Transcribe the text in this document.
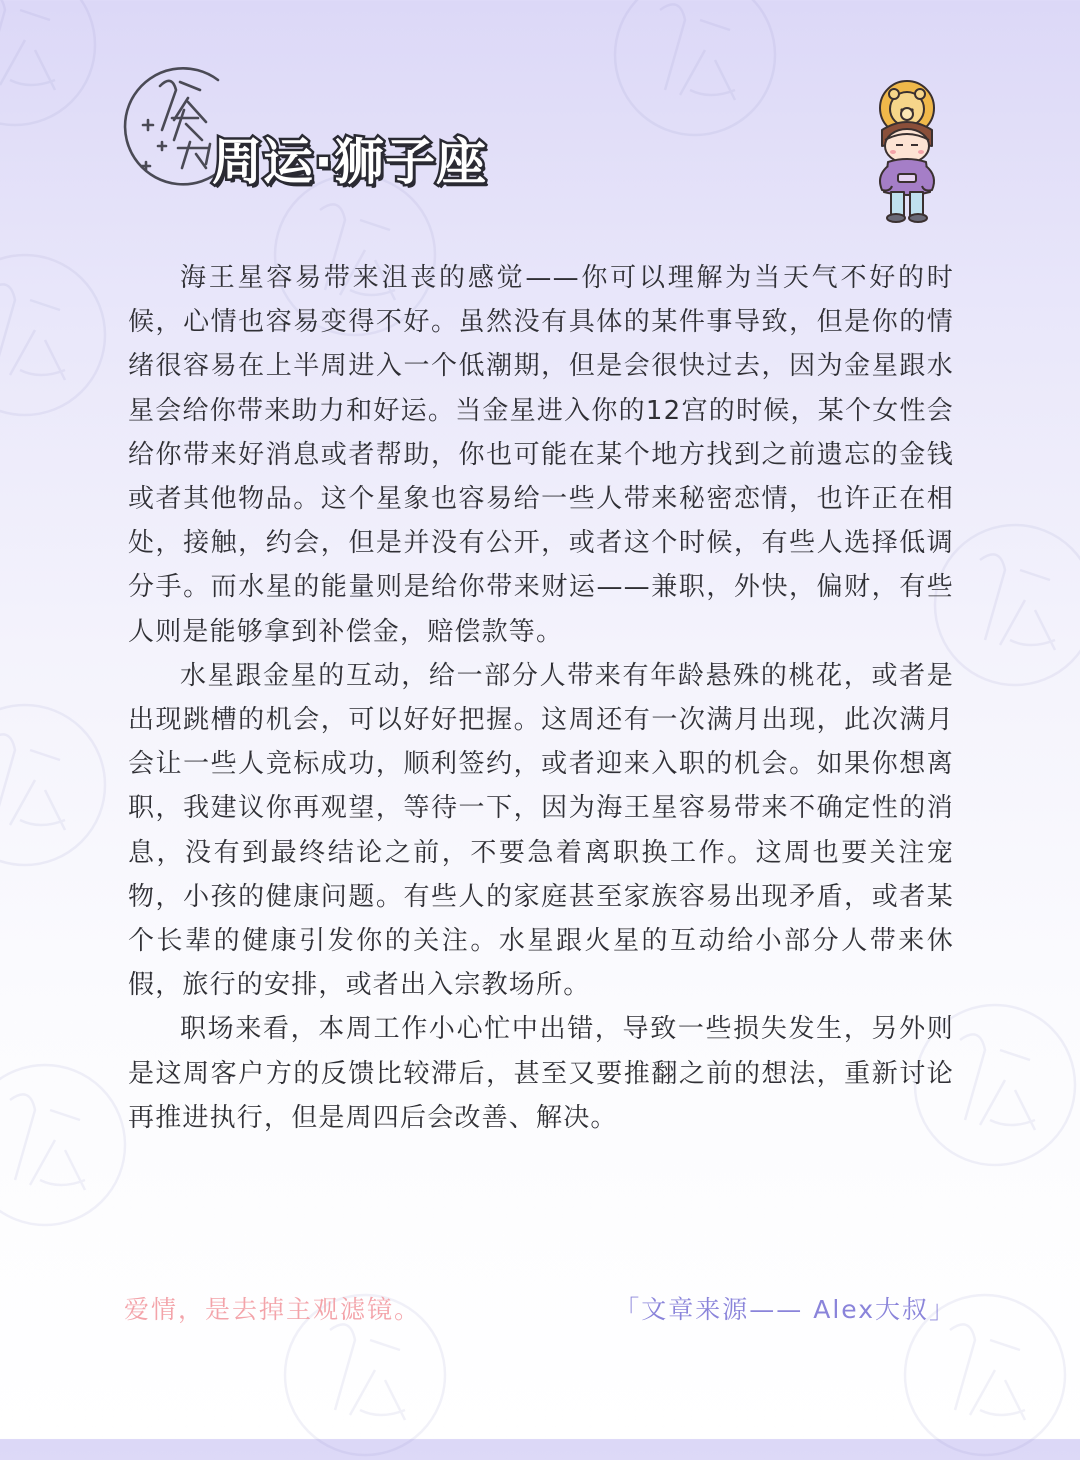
周运·狮子座

海王星容易带来沮丧的感觉——你可以理解为当天气不好的时候，心情也容易变得不好。虽然没有具体的某件事导致，但是你的情绪很容易在上半周进入一个低潮期，但是会很快过去，因为金星跟水星会给你带来助力和好运。当金星进入你的12宫的时候，某个女性会给你带来好消息或者帮助，你也可能在某个地方找到之前遗忘的金钱或者其他物品。这个星象也容易给一些人带来秘密恋情，也许正在相处，接触，约会，但是并没有公开，或者这个时候，有些人选择低调分手。而水星的能量则是给你带来财运——兼职，外快，偏财，有些人则是能够拿到补偿金，赔偿款等。

水星跟金星的互动，给一部分人带来有年龄悬殊的桃花，或者是出现跳槽的机会，可以好好把握。这周还有一次满月出现，此次满月会让一些人竞标成功，顺利签约，或者迎来入职的机会。如果你想离职，我建议你再观望，等待一下，因为海王星容易带来不确定性的消息，没有到最终结论之前，不要急着离职换工作。这周也要关注宠物，小孩的健康问题。有些人的家庭甚至家族容易出现矛盾，或者某个长辈的健康引发你的关注。水星跟火星的互动给小部分人带来休假，旅行的安排，或者出入宗教场所。

职场来看，本周工作小心忙中出错，导致一些损失发生，另外则是这周客户方的反馈比较滞后，甚至又要推翻之前的想法，重新讨论再推进执行，但是周四后会改善、解决。

爱情，是去掉主观滤镜。	「文章来源—— Alex大叔」
